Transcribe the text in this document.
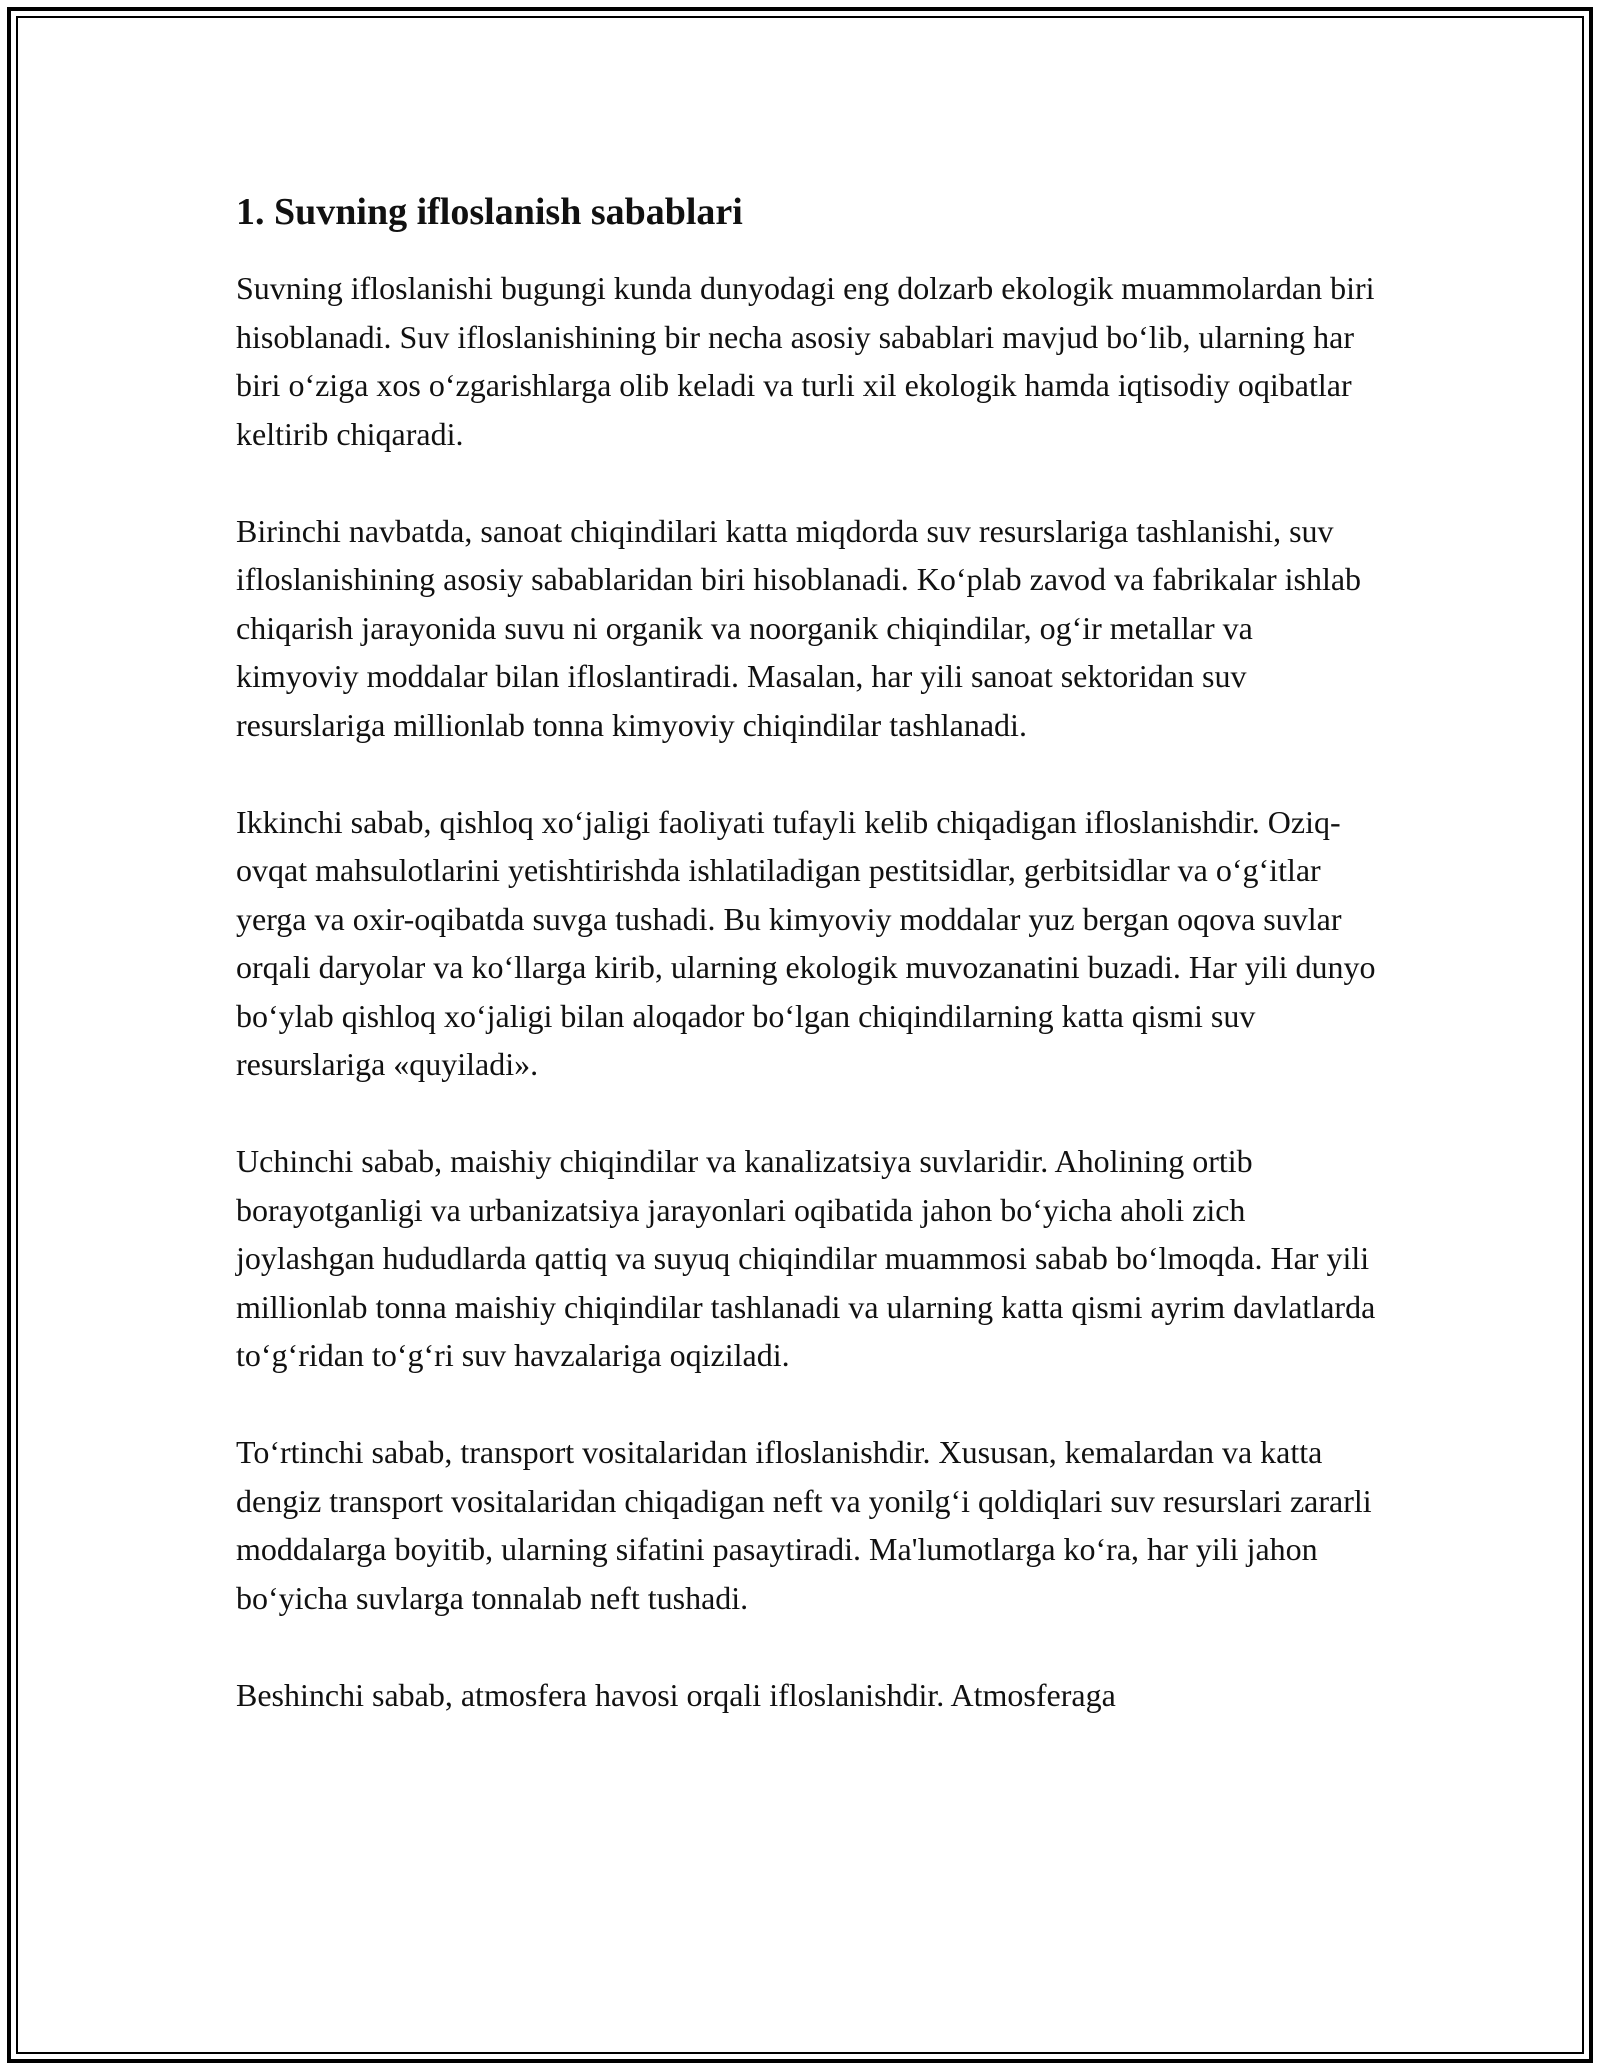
1. Suvning ifloslanish sabablari

Suvning ifloslanishi bugungi kunda dunyodagi eng dolzarb ekologik muammolardan biri hisoblanadi. Suv ifloslanishining bir necha asosiy sabablari mavjud bo‘lib, ularning har biri o‘ziga xos o‘zgarishlarga olib keladi va turli xil ekologik hamda iqtisodiy oqibatlar keltirib chiqaradi.

Birinchi navbatda, sanoat chiqindilari katta miqdorda suv resurslariga tashlanishi, suv ifloslanishining asosiy sabablaridan biri hisoblanadi. Ko‘plab zavod va fabrikalar ishlab chiqarish jarayonida suvu ni organik va noorganik chiqindilar, og‘ir metallar va kimyoviy moddalar bilan ifloslantiradi. Masalan, har yili sanoat sektoridan suv resurslariga millionlab tonna kimyoviy chiqindilar tashlanadi.

Ikkinchi sabab, qishloq xo‘jaligi faoliyati tufayli kelib chiqadigan ifloslanishdir. Oziq-ovqat mahsulotlarini yetishtirishda ishlatiladigan pestitsidlar, gerbitsidlar va o‘g‘itlar yerga va oxir-oqibatda suvga tushadi. Bu kimyoviy moddalar yuz bergan oqova suvlar orqali daryolar va ko‘llarga kirib, ularning ekologik muvozanatini buzadi. Har yili dunyo bo‘ylab qishloq xo‘jaligi bilan aloqador bo‘lgan chiqindilarning katta qismi suv resurslariga «quyiladi».

Uchinchi sabab, maishiy chiqindilar va kanalizatsiya suvlaridir. Aholining ortib borayotganligi va urbanizatsiya jarayonlari oqibatida jahon bo‘yicha aholi zich joylashgan hududlarda qattiq va suyuq chiqindilar muammosi sabab bo‘lmoqda. Har yili millionlab tonna maishiy chiqindilar tashlanadi va ularning katta qismi ayrim davlatlarda to‘g‘ridan to‘g‘ri suv havzalariga oqiziladi.

To‘rtinchi sabab, transport vositalaridan ifloslanishdir. Xususan, kemalardan va katta dengiz transport vositalaridan chiqadigan neft va yonilg‘i qoldiqlari suv resurslari zararli moddalarga boyitib, ularning sifatini pasaytiradi. Ma'lumotlarga ko‘ra, har yili jahon bo‘yicha suvlarga tonnalab neft tushadi.

Beshinchi sabab, atmosfera havosi orqali ifloslanishdir. Atmosferaga
